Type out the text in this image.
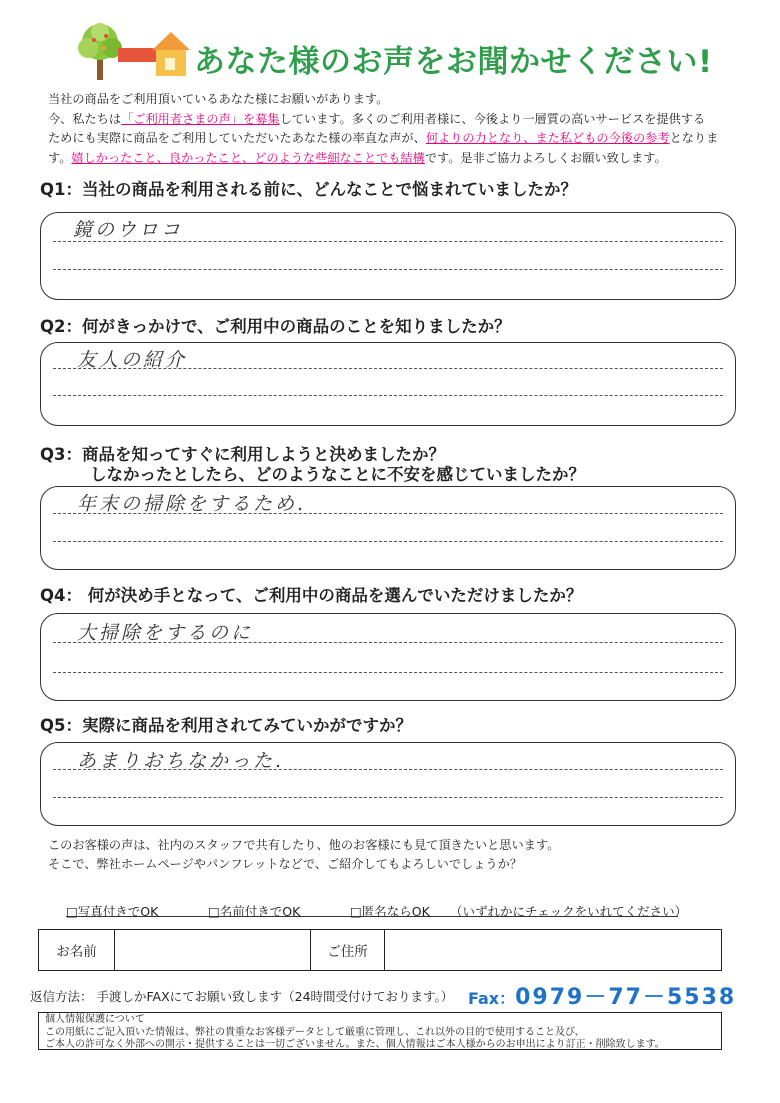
あなた様のお声をお聞かせください!
当社の商品をご利用頂いているあなた様にお願いがあります。
今、私たちは「ご利用者さまの声」を募集しています。多くのご利用者様に、今後より一層質の高いサービスを提供する
ためにも実際に商品をご利用していただいたあなた様の率直な声が、何よりの力となり、また私どもの今後の参考となりま
す。嬉しかったこと、良かったこと、どのような些細なことでも結構です。是非ご協力よろしくお願い致します。
Q1：当社の商品を利用される前に、どんなことで悩まれていましたか？
鏡のウロコ
Q2：何がきっかけで、ご利用中の商品のことを知りましたか？
友人の紹介
Q3：商品を知ってすぐに利用しようと決めましたか？
しなかったとしたら、どのようなことに不安を感じていましたか？
年末の掃除をするため.
Q4： 何が決め手となって、ご利用中の商品を選んでいただけましたか？
大掃除をするのに
Q5：実際に商品を利用されてみていかがですか？
あまりおちなかった.
このお客様の声は、社内のスタッフで共有したり、他のお客様にも見て頂きたいと思います。
そこで、弊社ホームページやパンフレットなどで、ご紹介してもよろしいでしょうか？
□写真付きでOK	□名前付きでOK	□匿名ならOK （いずれかにチェックをいれてください）
お名前	ご住所
返信方法： 手渡しかFAXにてお願い致します（24時間受付けております。） Fax：0979－77－5538
個人情報保護について
この用紙にご記入頂いた情報は、弊社の貴重なお客様データとして厳重に管理し、これ以外の目的で使用すること及び、
ご本人の許可なく外部への開示・提供することは一切ございません。また、個人情報はご本人様からのお申出により訂正・削除致します。
